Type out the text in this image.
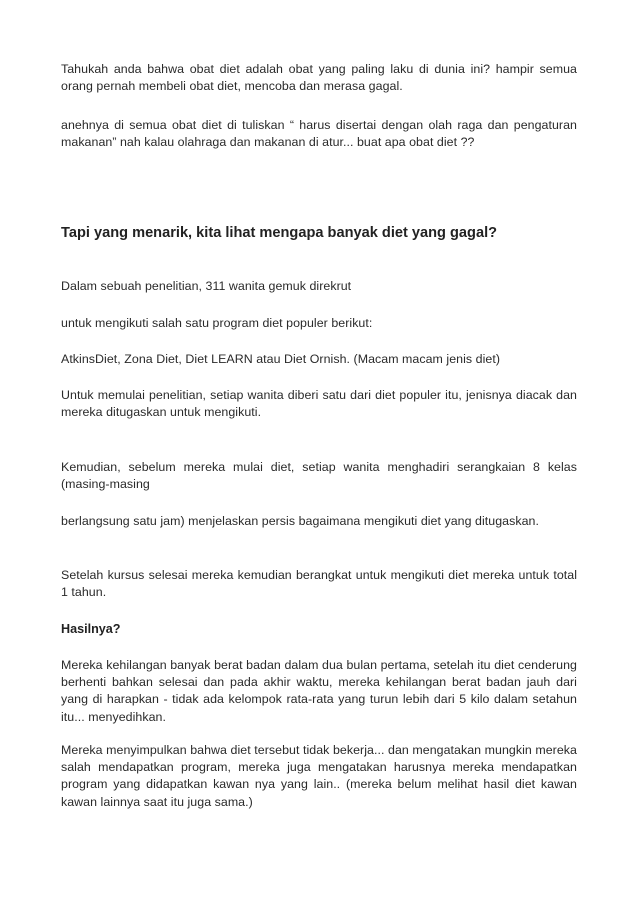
Tahukah anda bahwa obat diet adalah obat yang paling laku di dunia ini? hampir semua orang pernah membeli obat diet, mencoba dan merasa gagal.

anehnya di semua obat diet di tuliskan “ harus disertai dengan olah raga dan pengaturan makanan” nah kalau olahraga dan makanan di atur... buat apa obat diet ??

Tapi yang menarik, kita lihat mengapa banyak diet yang gagal?

Dalam sebuah penelitian, 311 wanita gemuk direkrut

untuk mengikuti salah satu program diet populer berikut:

AtkinsDiet, Zona Diet, Diet LEARN atau Diet Ornish. (Macam macam jenis diet)

Untuk memulai penelitian, setiap wanita diberi satu dari diet populer itu, jenisnya diacak dan mereka ditugaskan untuk mengikuti.

Kemudian, sebelum mereka mulai diet, setiap wanita menghadiri serangkaian 8 kelas (masing-masing

berlangsung satu jam) menjelaskan persis bagaimana mengikuti diet yang ditugaskan.

Setelah kursus selesai mereka kemudian berangkat untuk mengikuti diet mereka untuk total 1 tahun.

Hasilnya?

Mereka kehilangan banyak berat badan dalam dua bulan pertama, setelah itu diet cenderung berhenti bahkan selesai dan pada akhir waktu, mereka kehilangan berat badan jauh dari yang di harapkan - tidak ada kelompok rata-rata yang turun lebih dari 5 kilo dalam setahun itu... menyedihkan.

Mereka menyimpulkan bahwa diet tersebut tidak bekerja... dan mengatakan mungkin mereka salah mendapatkan program, mereka juga mengatakan harusnya mereka mendapatkan program yang didapatkan kawan nya yang lain.. (mereka belum melihat hasil diet kawan kawan lainnya saat itu juga sama.)
